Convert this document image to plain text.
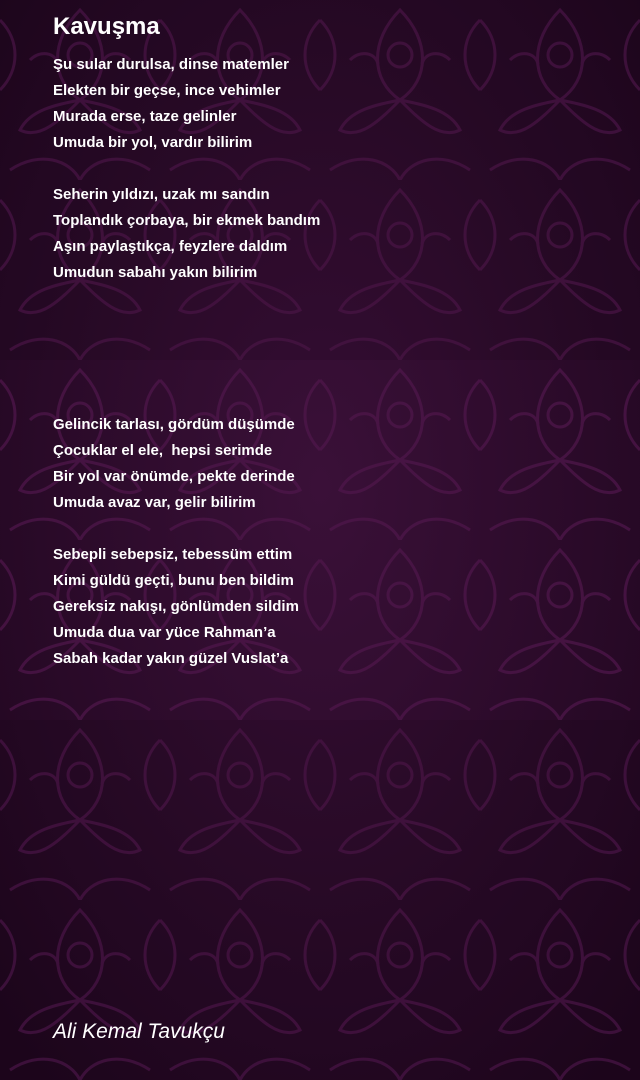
Kavuşma
Şu sular durulsa, dinse matemler
Elekten bir geçse, ince vehimler
Murada erse, taze gelinler
Umuda bir yol, vardır bilirim
Seherin yıldızı, uzak mı sandın
Toplandık çorbaya, bir ekmek bandım
Aşın paylaştıkça, feyzlere daldım
Umudun sabahı yakın bilirim
Gelincik tarlası, gördüm düşümde
Çocuklar el ele,  hepsi serimde
Bir yol var önümde, pekte derinde
Umuda avaz var, gelir bilirim
Sebepli sebepsiz, tebessüm ettim
Kimi güldü geçti, bunu ben bildim
Gereksiz nakışı, gönlümden sildim
Umuda dua var yüce Rahman’a
Sabah kadar yakın güzel Vuslat’a

Ali Kemal Tavukçu
